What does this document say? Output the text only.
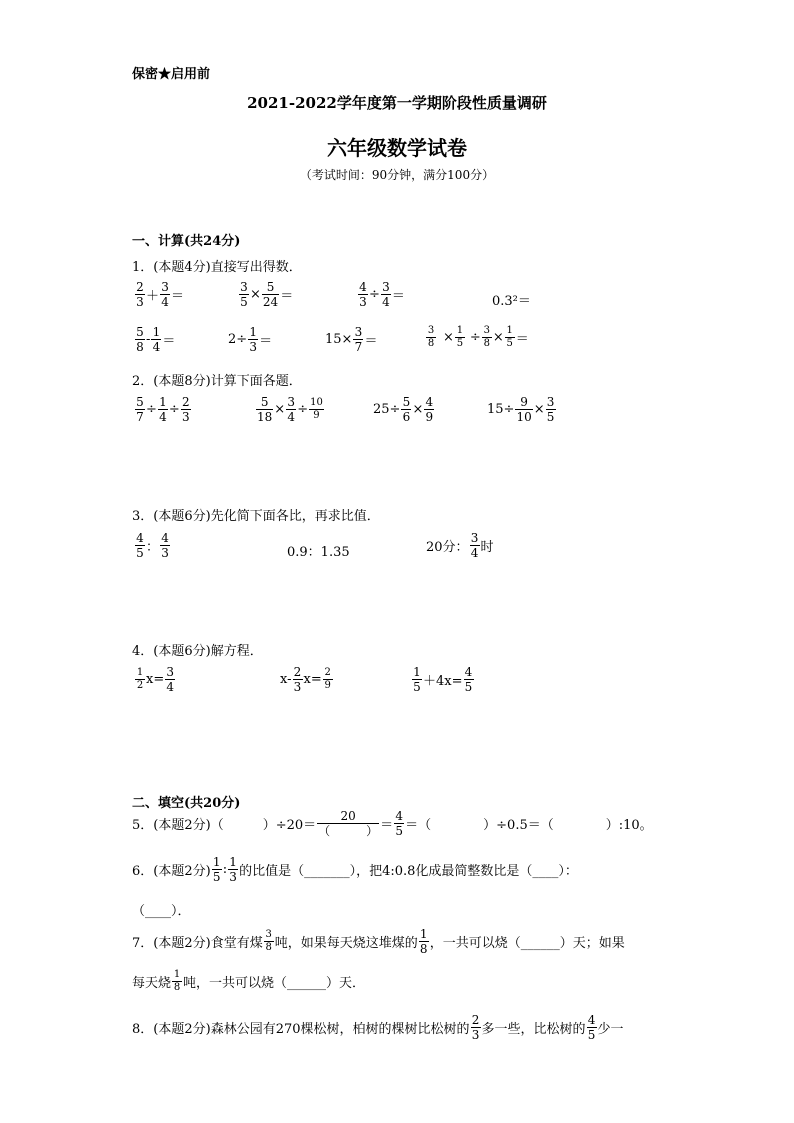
保密★启用前
2021-2022学年度第一学期阶段性质量调研
六年级数学试卷
（考试时间：90分钟，满分100分）
一、计算(共24分)
1．(本题4分)直接写出得数．
$\frac{2}{3} + \frac{3}{4}$ ＝	$\frac{3}{5} \times \frac{5}{24}$ ＝	$\frac{4}{3} \div \frac{3}{4}$ ＝	0.3²＝
$\frac{5}{8} - \frac{1}{4}$ ＝	$2\div \frac{1}{3}$ ＝	$15\times \frac{3}{7}$ ＝	$\frac{3}{8} \times \frac{1}{5} \div \frac{3}{8} \times \frac{1}{5}$ ＝
2．(本题8分)计算下面各题．
$\frac{5}{7} \div \frac{1}{4} \div \frac{2}{3}$	$\frac{5}{18} \times \frac{3}{4} \div \frac{10}{9}$	$25\div \frac{5}{6} \times \frac{4}{9}$	$15\div \frac{9}{10} \times \frac{3}{5}$
3．(本题6分)先化简下面各比，再求比值．
$\frac{4}{5}$ ： $\frac{4}{3}$	0.9：1.35	20分： $\frac{3}{4}$ 时
4．(本题6分)解方程．
$\frac{1}{2} x= \frac{3}{4}$	$x- \frac{2}{3} x= \frac{2}{9}$	$\frac{1}{5} +4x= \frac{4}{5}$
二、填空(共20分)
5．(本题2分) （　　　）$\div 20= \frac{20}{( )} = \frac{4}{5}$ ＝（　　　　）÷0.5＝（　　　　）:10。
6．(本题2分) $\frac{1}{5}$ : $\frac{1}{3}$ 的比值是（_______），把4:0.8化成最简整数比是（____）：
（____）．
7．(本题2分) 食堂有煤 $\frac{3}{8}$ 吨，如果每天烧这堆煤的 $\frac{1}{8}$ ，一共可以烧（______）天；如果
每天烧 $\frac{1}{8}$ 吨，一共可以烧（______）天．
8．(本题2分) 森林公园有270棵松树，柏树的棵树比松树的 $\frac{2}{3}$ 多一些，比松树的 $\frac{4}{5}$ 少一
